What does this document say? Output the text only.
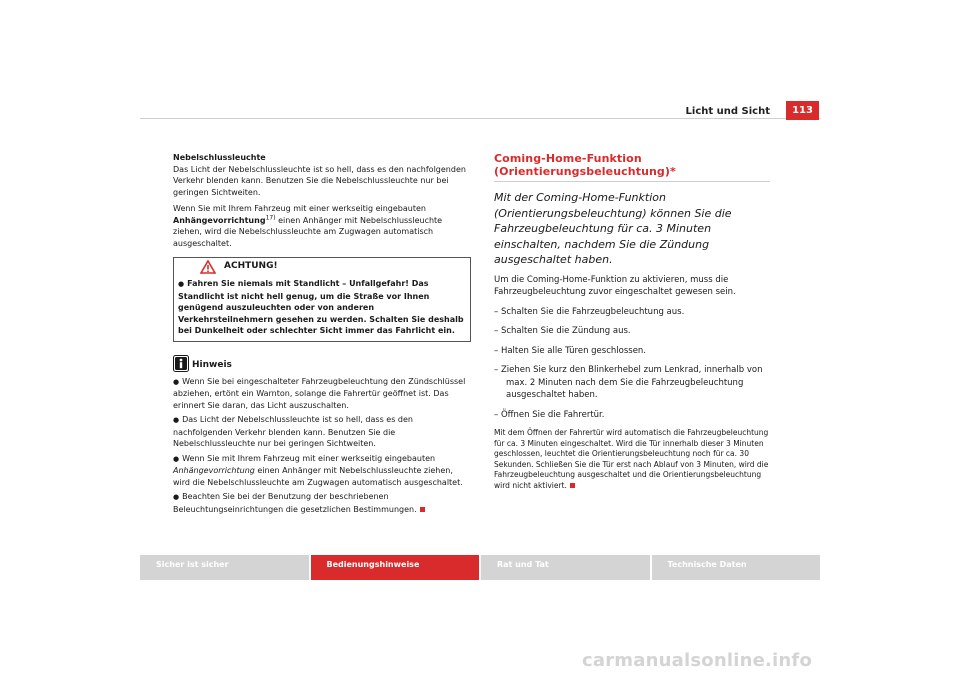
Licht und Sicht	113
Nebelschlussleuchte

Das Licht der Nebelschlussleuchte ist so hell, dass es den nachfolgenden Verkehr blenden kann. Benutzen Sie die Nebelschlussleuchte nur bei geringen Sichtweiten.

Wenn Sie mit Ihrem Fahrzeug mit einer werkseitig eingebauten
Anhängevorrichtung$^{17)}$ einen Anhänger mit Nebelschlussleuchte ziehen, wird die Nebelschlussleuchte am Zugwagen automatisch ausgeschaltet.

ACHTUNG!
● Fahren Sie niemals mit Standlicht – Unfallgefahr! Das Standlicht ist nicht hell genug, um die Straße vor Ihnen genügend auszuleuchten oder von anderen Verkehrsteilnehmern gesehen zu werden. Schalten Sie deshalb bei Dunkelheit oder schlechter Sicht immer das Fahrlicht ein.
Hinweis

● Wenn Sie bei eingeschalteter Fahrzeugbeleuchtung den Zündschlüssel abziehen, ertönt ein Warnton, solange die Fahrertür geöffnet ist. Das erinnert Sie daran, das Licht auszuschalten.

● Das Licht der Nebelschlussleuchte ist so hell, dass es den nachfolgenden Verkehr blenden kann. Benutzen Sie die Nebelschlussleuchte nur bei geringen Sichtweiten.

● Wenn Sie mit Ihrem Fahrzeug mit einer werkseitig eingebauten Anhängevorrichtung einen Anhänger mit Nebelschlussleuchte ziehen, wird die Nebelschlussleuchte am Zugwagen automatisch ausgeschaltet.

● Beachten Sie bei der Benutzung der beschriebenen Beleuchtungseinrichtungen die gesetzlichen Bestimmungen.

Coming-Home-Funktion (Orientierungsbeleuchtung)*

Mit der Coming-Home-Funktion (Orientierungsbeleuchtung) können Sie die Fahrzeugbeleuchtung für ca. 3 Minuten einschalten, nachdem Sie die Zündung ausgeschaltet haben.

Um die Coming-Home-Funktion zu aktivieren, muss die Fahrzeugbeleuchtung zuvor eingeschaltet gewesen sein.

– Schalten Sie die Fahrzeugbeleuchtung aus.

– Schalten Sie die Zündung aus.

– Halten Sie alle Türen geschlossen.

– Ziehen Sie kurz den Blinkerhebel zum Lenkrad, innerhalb von max. 2 Minuten nach dem Sie die Fahrzeugbeleuchtung ausgeschaltet haben.

– Öffnen Sie die Fahrertür.

Mit dem Öffnen der Fahrertür wird automatisch die Fahrzeugbeleuchtung für ca. 3 Minuten eingeschaltet. Wird die Tür innerhalb dieser 3 Minuten geschlossen, leuchtet die Orientierungsbeleuchtung noch für ca. 30 Sekunden. Schließen Sie die Tür erst nach Ablauf von 3 Minuten, wird die Fahrzeugbeleuchtung ausgeschaltet und die Orientierungsbeleuchtung wird nicht aktiviert.

Sicher ist sicher	Bedienungshinweise	Rat und Tat	Technische Daten
carmanualsonline.info
